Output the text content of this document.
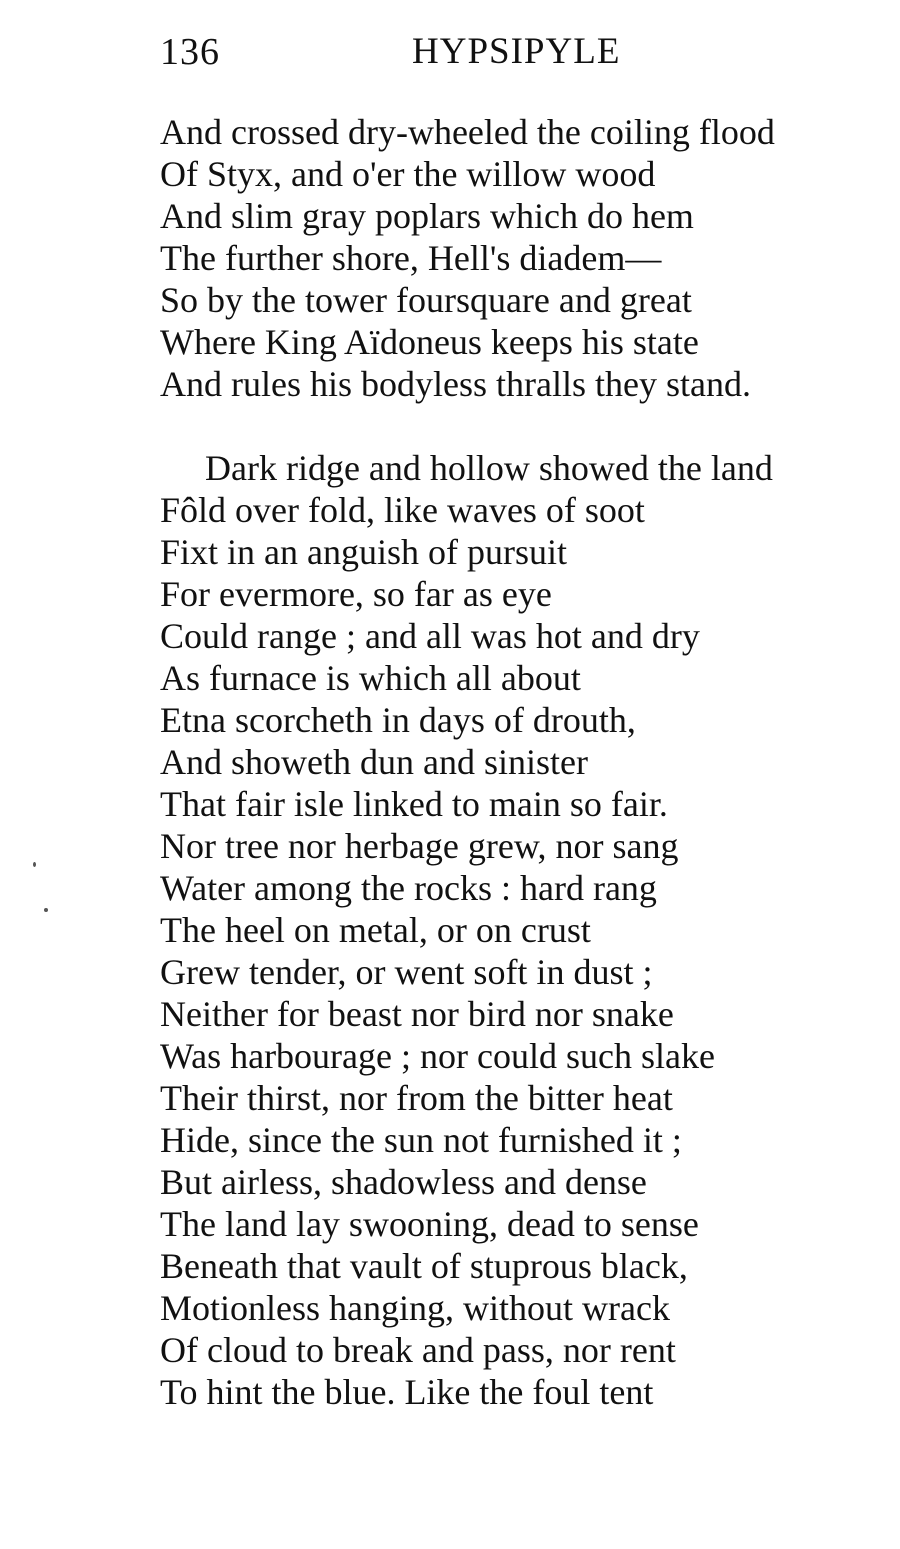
136	HYPSIPYLE
And crossed dry-wheeled the coiling flood
Of Styx, and o'er the willow wood
And slim gray poplars which do hem
The further shore, Hell's diadem—
So by the tower foursquare and great
Where King Aïdoneus keeps his state
And rules his bodyless thralls they stand.
Dark ridge and hollow showed the land
Fôld over fold, like waves of soot
Fixt in an anguish of pursuit
For evermore, so far as eye
Could range ; and all was hot and dry
As furnace is which all about
Etna scorcheth in days of drouth,
And showeth dun and sinister
That fair isle linked to main so fair.
Nor tree nor herbage grew, nor sang
Water among the rocks : hard rang
The heel on metal, or on crust
Grew tender, or went soft in dust ;
Neither for beast nor bird nor snake
Was harbourage ; nor could such slake
Their thirst, nor from the bitter heat
Hide, since the sun not furnished it ;
But airless, shadowless and dense
The land lay swooning, dead to sense
Beneath that vault of stuprous black,
Motionless hanging, without wrack
Of cloud to break and pass, nor rent
To hint the blue. Like the foul tent
